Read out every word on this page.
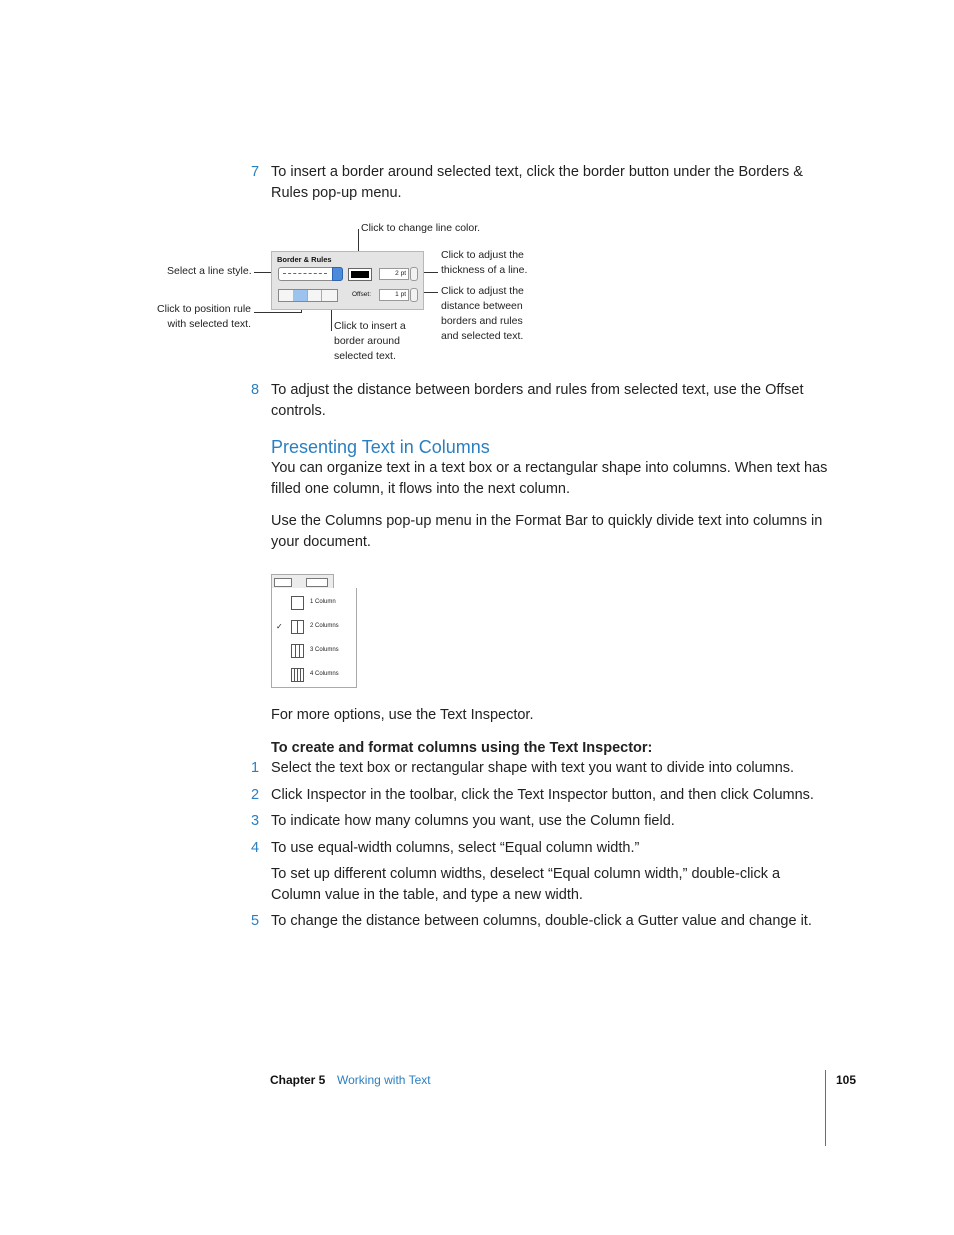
7 To insert a border around selected text, click the border button under the Borders & Rules pop-up menu.
Click to change line color.
Select a line style.
Click to position rule
with selected text.	Click to insert a
border around
selected text.
Click to adjust the
thickness of a line.
Click to adjust the
distance between
borders and rules
and selected text.
Border & Rules
2 pt
Offset:	1 pt
8 To adjust the distance between borders and rules from selected text, use the Offset controls.
Presenting Text in Columns
You can organize text in a text box or a rectangular shape into columns. When text has filled one column, it flows into the next column.
Use the Columns pop-up menu in the Format Bar to quickly divide text into columns in your document.
1 Column
✓	2 Columns
3 Columns
4 Columns
For more options, use the Text Inspector.
To create and format columns using the Text Inspector:
1 Select the text box or rectangular shape with text you want to divide into columns.
2 Click Inspector in the toolbar, click the Text Inspector button, and then click Columns.
3 To indicate how many columns you want, use the Column field.
4 To use equal-width columns, select “Equal column width.”
To set up different column widths, deselect “Equal column width,” double-click a Column value in the table, and type a new width.
5 To change the distance between columns, double-click a Gutter value and change it.
Chapter 5 Working with Text	105
